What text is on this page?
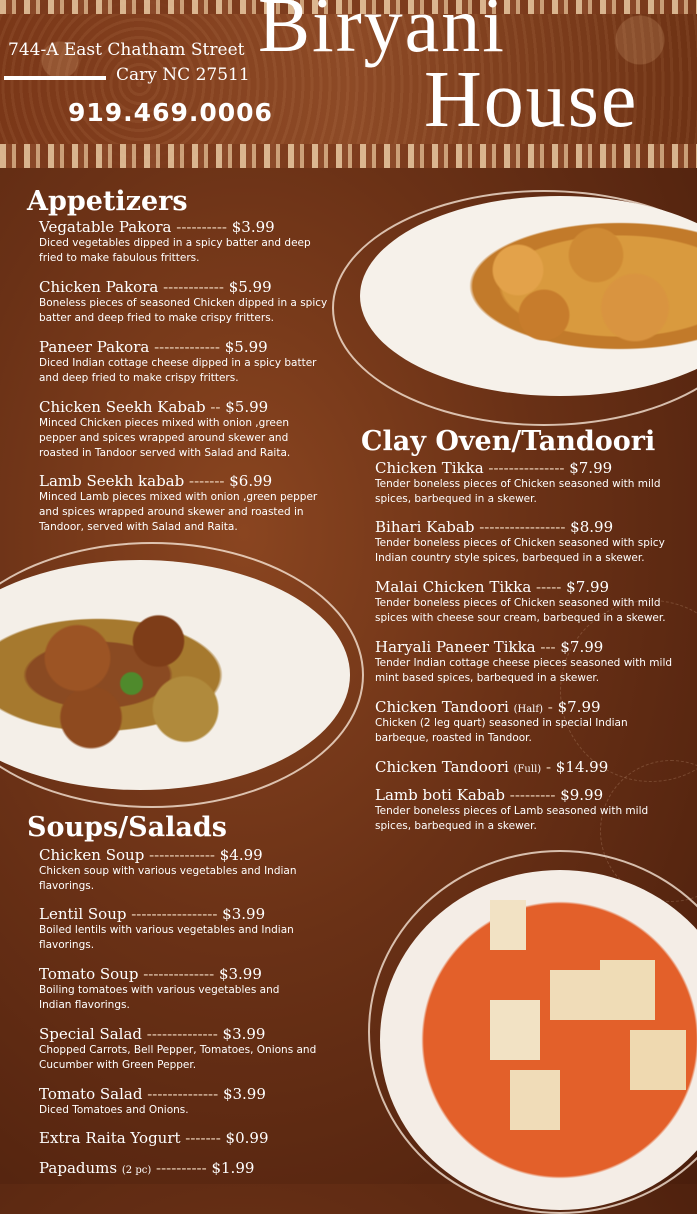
744-A East Chatham Street
Cary NC 27511
919.469.0006
Biryani
House
Appetizers
Vegatable Pakora ---------- $3.99
Diced vegetables dipped in a spicy batter and deep fried to make fabulous fritters.
Chicken Pakora ------------ $5.99
Boneless pieces of seasoned Chicken dipped in a spicy batter and deep fried to make crispy fritters.
Paneer Pakora ------------- $5.99
Diced Indian cottage cheese dipped in a spicy batter and deep fried to make crispy fritters.
Chicken Seekh Kabab -- $5.99
Minced Chicken pieces mixed with onion ,green pepper and spices wrapped around skewer and roasted in Tandoor served with Salad and Raita.
Lamb Seekh kabab ------- $6.99
Minced Lamb pieces mixed with onion ,green pepper and spices wrapped around skewer and roasted in Tandoor, served with Salad and Raita.
Clay Oven/Tandoori
Chicken Tikka --------------- $7.99
Tender boneless pieces of Chicken seasoned with mild spices, barbequed in a skewer.
Bihari Kabab ----------------- $8.99
Tender boneless pieces of Chicken seasoned with spicy Indian country style spices, barbequed in a skewer.
Malai Chicken Tikka ----- $7.99
Tender boneless pieces of Chicken seasoned with mild spices with cheese sour cream, barbequed in a skewer.
Haryali Paneer Tikka --- $7.99
Tender Indian cottage cheese pieces seasoned with mild mint based spices, barbequed in a skewer.
Chicken Tandoori (Half) - $7.99
Chicken (2 leg quart) seasoned in special Indian barbeque, roasted in Tandoor.
Chicken Tandoori (Full) - $14.99
Lamb boti Kabab --------- $9.99
Tender boneless pieces of Lamb seasoned with mild spices, barbequed in a skewer.
Soups/Salads
Chicken Soup ------------- $4.99
Chicken soup with various vegetables and Indian flavorings.
Lentil Soup ----------------- $3.99
Boiled lentils with various vegetables and Indian flavorings.
Tomato Soup -------------- $3.99
Boiling tomatoes with various vegetables and Indian flavorings.
Special Salad -------------- $3.99
Chopped Carrots, Bell Pepper, Tomatoes, Onions and Cucumber with Green Pepper.
Tomato Salad -------------- $3.99
Diced Tomatoes and Onions.
Extra Raita Yogurt ------- $0.99
Papadums (2 pc) ---------- $1.99
